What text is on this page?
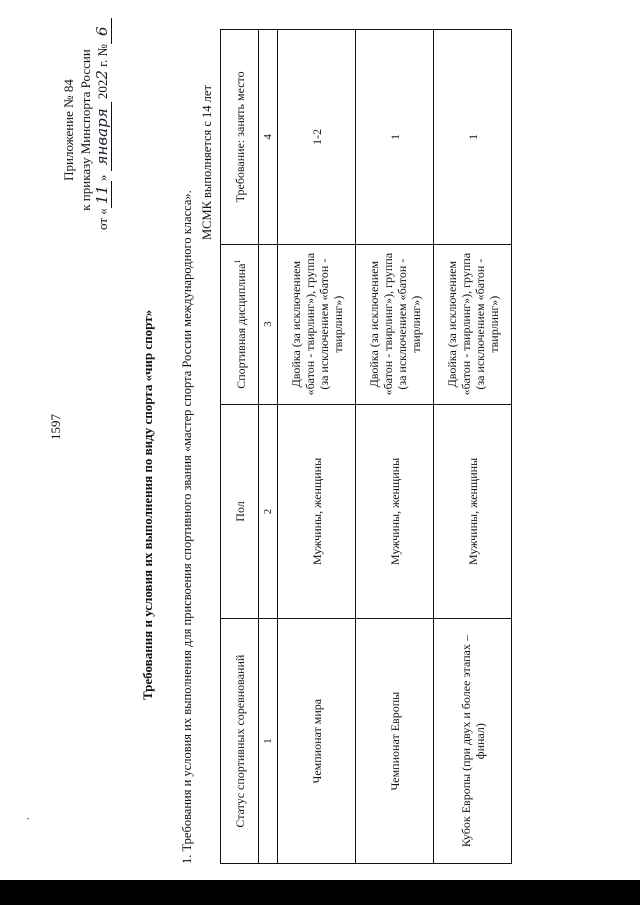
,
1597
Приложение № 84 к приказу Минспорта России
от «11» января 2022 г. №6
Требования и условия их выполнения по виду спорта «чир спорт» 1. Требования и условия их выполнения для присвоения спортивного звания «мастер спорта России международного класса».
МСМК выполняется с 14 лет
Статус спортивных соревнований	Пол	Спортивная дисциплина$^1$	Требование: занять место
1	2	3	4
Чемпионат мира	Мужчины, женщины	Двойка (за исключением «батон - твирлинг»), группа (за исключением «батон - твирлинг»)	1-2
Чемпионат Европы	Мужчины, женщины	Двойка (за исключением «батон - твирлинг»), группа (за исключением «батон - твирлинг»)	1
Кубок Европы (при двух и более этапах – финал)	Мужчины, женщины	Двойка (за исключением «батон - твирлинг»), группа (за исключением «батон - твирлинг»)	1
